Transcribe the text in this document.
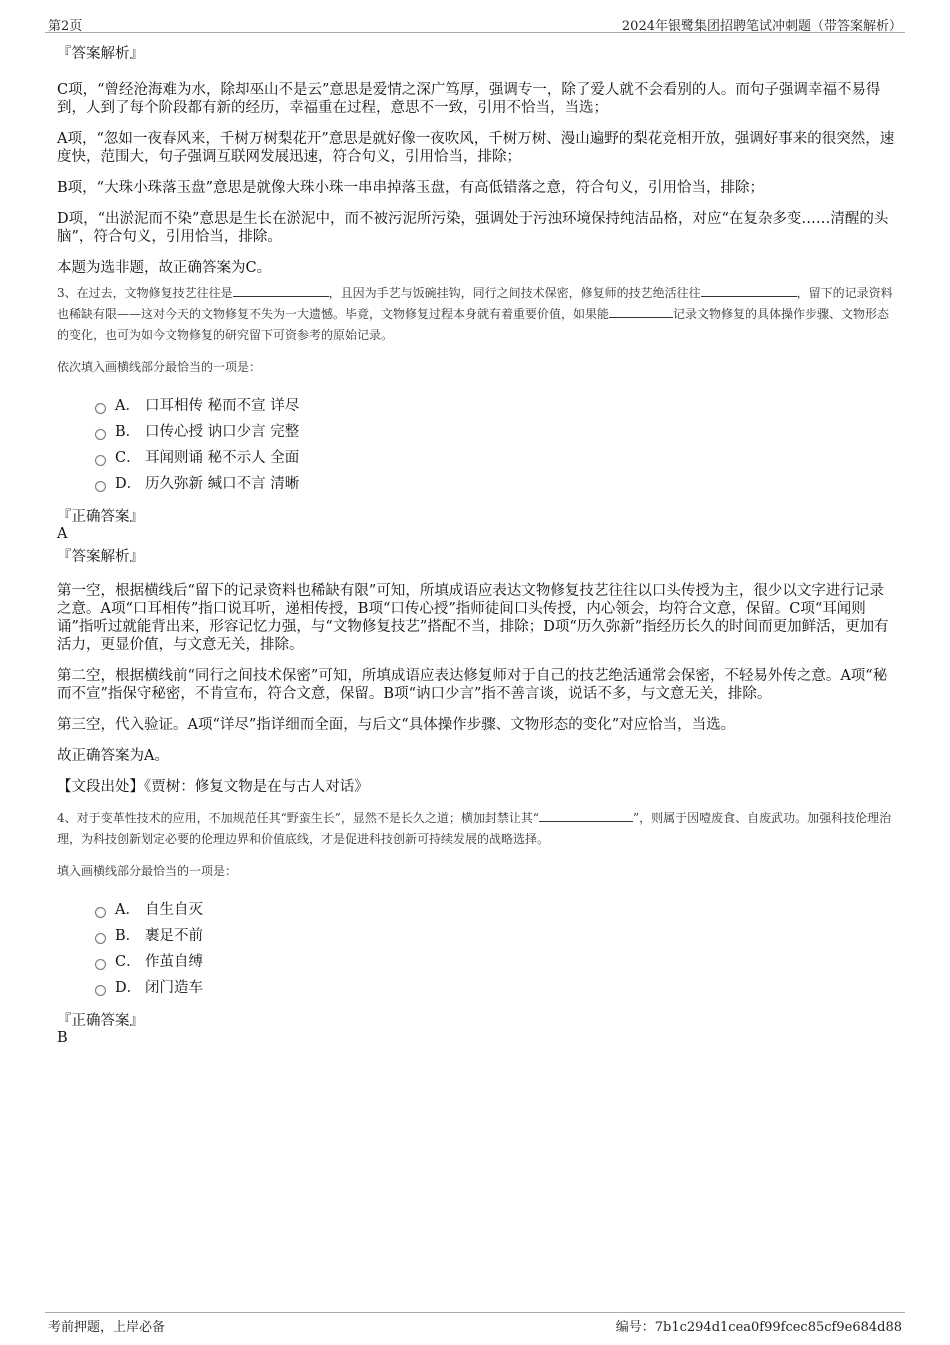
第2页	2024年银鹭集团招聘笔试冲刺题（带答案解析）
『答案解析』

C项，“曾经沧海难为水，除却巫山不是云”意思是爱情之深广笃厚，强调专一，除了爱人就不会看别的人。而句子强调幸福不易得到，人到了每个阶段都有新的经历，幸福重在过程，意思不一致，引用不恰当，当选；

A项，“忽如一夜春风来，千树万树梨花开”意思是就好像一夜吹风，千树万树、漫山遍野的梨花竞相开放，强调好事来的很突然，速度快，范围大，句子强调互联网发展迅速，符合句义，引用恰当，排除；

B项，“大珠小珠落玉盘”意思是就像大珠小珠一串串掉落玉盘，有高低错落之意，符合句义，引用恰当，排除；

D项，“出淤泥而不染”意思是生长在淤泥中，而不被污泥所污染，强调处于污浊环境保持纯洁品格，对应“在复杂多变……清醒的头脑”，符合句义，引用恰当，排除。

本题为选非题，故正确答案为C。

3、在过去，文物修复技艺往往是	，且因为手艺与饭碗挂钩，同行之间技术保密，修复师的技艺绝活往往	，留下的记录资料也稀缺有限——这对今天的文物修复不失为一大遗憾。毕竟，文物修复过程本身就有着重要价值，如果能	记录文物修复的具体操作步骤、文物形态的变化，也可为如今文物修复的研究留下可资参考的原始记录。

依次填入画横线部分最恰当的一项是：
A． 口耳相传 秘而不宣 详尽
B． 口传心授 讷口少言 完整
C． 耳闻则诵 秘不示人 全面
D． 历久弥新 缄口不言 清晰
『正确答案』
A
『答案解析』

第一空，根据横线后“留下的记录资料也稀缺有限”可知，所填成语应表达文物修复技艺往往以口头传授为主，很少以文字进行记录之意。A项“口耳相传”指口说耳听，递相传授，B项“口传心授”指师徒间口头传授，内心领会，均符合文意，保留。C项“耳闻则诵”指听过就能背出来，形容记忆力强，与“文物修复技艺”搭配不当，排除；D项“历久弥新”指经历长久的时间而更加鲜活，更加有活力，更显价值，与文意无关，排除。

第二空，根据横线前“同行之间技术保密”可知，所填成语应表达修复师对于自己的技艺绝活通常会保密，不轻易外传之意。A项“秘而不宣”指保守秘密，不肯宣布，符合文意，保留。B项“讷口少言”指不善言谈，说话不多，与文意无关，排除。

第三空，代入验证。A项“详尽”指详细而全面，与后文“具体操作步骤、文物形态的变化”对应恰当，当选。

故正确答案为A。

【文段出处】《贾树：修复文物是在与古人对话》

4、对于变革性技术的应用，不加规范任其“野蛮生长”，显然不是长久之道；横加封禁让其“	”，则属于因噎废食、自废武功。加强科技伦理治理，为科技创新划定必要的伦理边界和价值底线，才是促进科技创新可持续发展的战略选择。

填入画横线部分最恰当的一项是：
A． 自生自灭
B． 裹足不前
C． 作茧自缚
D． 闭门造车
『正确答案』
B
考前押题，上岸必备	编号：7b1c294d1cea0f99fcec85cf9e684d88
